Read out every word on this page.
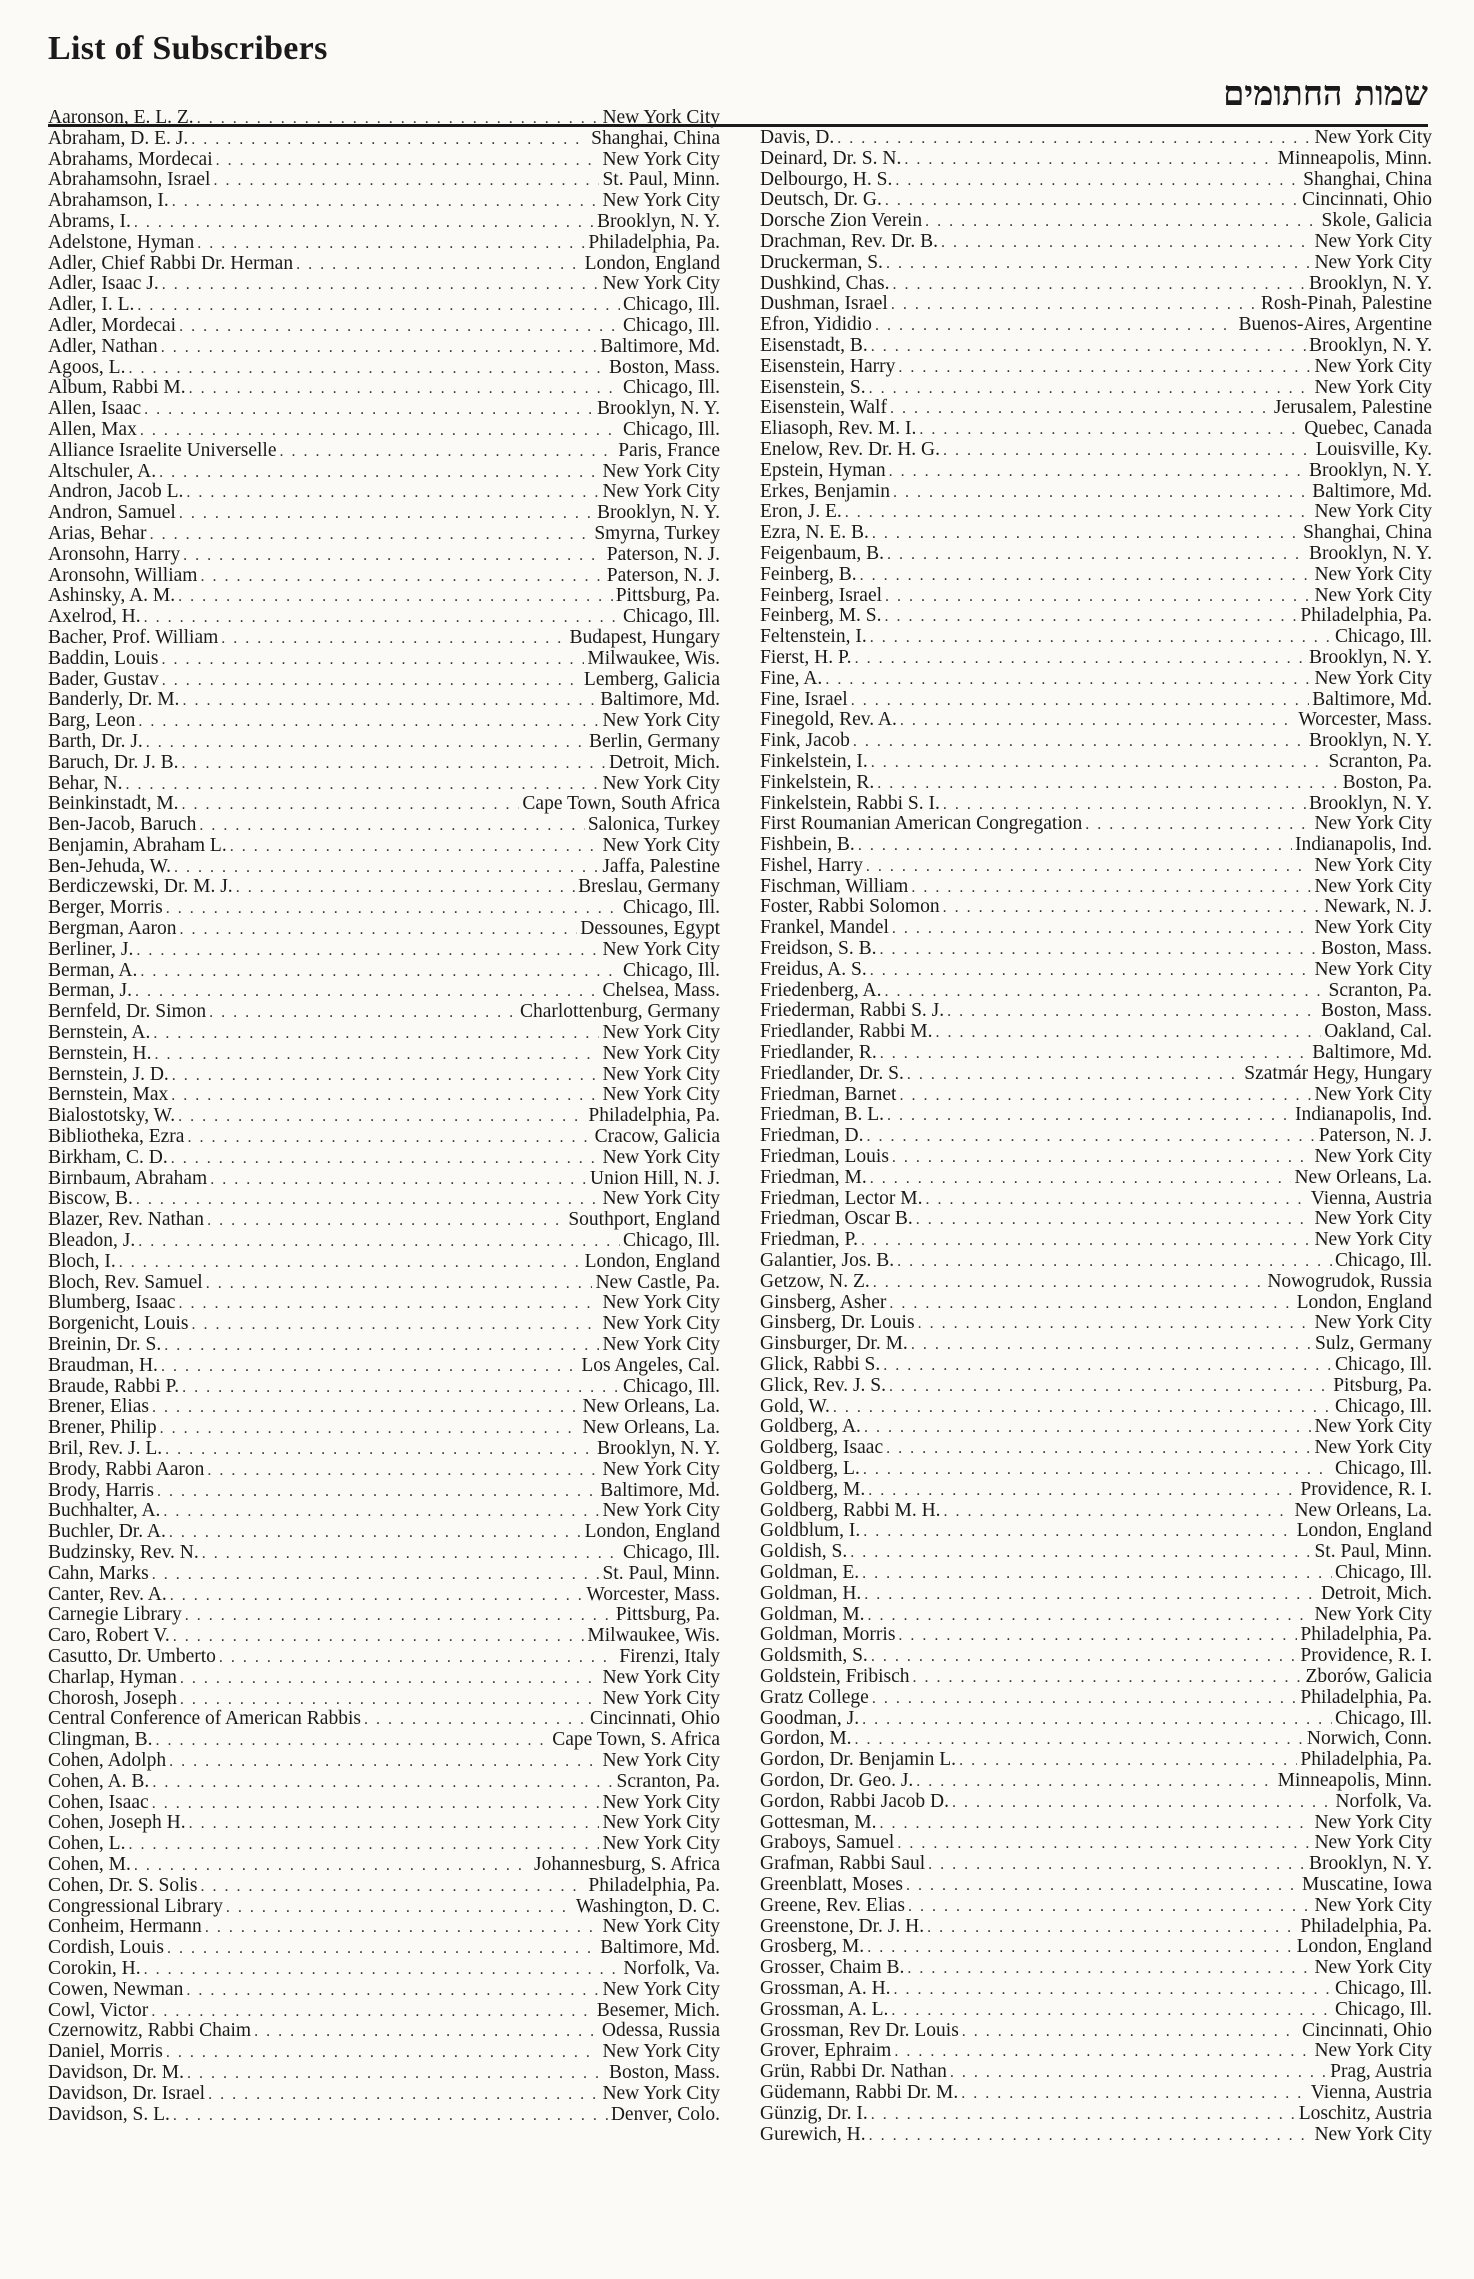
List of Subscribers
שמות החתומים
Aaronson, E. L. Z. . . .	New York City
Abraham, D. E. J. . . .	Shanghai, China
Abrahams, Mordecai . . .	New York City
Abrahamsohn, Israel . . .	St. Paul, Minn.
Abrahamson, I. . . .	New York City
Abrams, I. . . .	Brooklyn, N. Y.
Adelstone, Hyman . . .	Philadelphia, Pa.
Adler, Chief Rabbi Dr. Herman . . .	London, England
Adler, Isaac J. . . .	New York City
Adler, I. L. . . .	Chicago, Ill.
Adler, Mordecai . . .	Chicago, Ill.
Adler, Nathan . . .	Baltimore, Md.
Agoos, L. . . .	Boston, Mass.
Album, Rabbi M. . . .	Chicago, Ill.
Allen, Isaac . . .	Brooklyn, N. Y.
Allen, Max . . .	Chicago, Ill.
Alliance Israelite Universelle . . .	Paris, France
Altschuler, A. . . .	New York City
Andron, Jacob L. . . .	New York City
Andron, Samuel . . .	Brooklyn, N. Y.
Arias, Behar . . .	Smyrna, Turkey
Aronsohn, Harry . . .	Paterson, N. J.
Aronsohn, William . . .	Paterson, N. J.
Ashinsky, A. M. . . .	Pittsburg, Pa.
Axelrod, H. . . .	Chicago, Ill.
Bacher, Prof. William . . .	Budapest, Hungary
Baddin, Louis . . .	Milwaukee, Wis.
Bader, Gustav . . .	Lemberg, Galicia
Banderly, Dr. M. . . .	Baltimore, Md.
Barg, Leon . . .	New York City
Barth, Dr. J. . . .	Berlin, Germany
Baruch, Dr. J. B. . . .	Detroit, Mich.
Behar, N. . . .	New York City
Beinkinstadt, M. . . .	Cape Town, South Africa
Ben-Jacob, Baruch . . .	Salonica, Turkey
Benjamin, Abraham L. . . .	New York City
Ben-Jehuda, W. . . .	Jaffa, Palestine
Berdiczewski, Dr. M. J. . . .	Breslau, Germany
Berger, Morris . . .	Chicago, Ill.
Bergman, Aaron . . .	Dessounes, Egypt
Berliner, J. . . .	New York City
Berman, A. . . .	Chicago, Ill.
Berman, J. . . .	Chelsea, Mass.
Bernfeld, Dr. Simon . . .	Charlottenburg, Germany
Bernstein, A. . . .	New York City
Bernstein, H. . . .	New York City
Bernstein, J. D. . . .	New York City
Bernstein, Max . . .	New York City
Bialostotsky, W. . . .	Philadelphia, Pa.
Bibliotheka, Ezra . . .	Cracow, Galicia
Birkham, C. D. . . .	New York City
Birnbaum, Abraham . . .	Union Hill, N. J.
Biscow, B. . . .	New York City
Blazer, Rev. Nathan . . .	Southport, England
Bleadon, J. . . .	Chicago, Ill.
Bloch, I. . . .	London, England
Bloch, Rev. Samuel . . .	New Castle, Pa.
Blumberg, Isaac . . .	New York City
Borgenicht, Louis . . .	New York City
Breinin, Dr. S. . . .	New York City
Braudman, H. . . .	Los Angeles, Cal.
Braude, Rabbi P. . . .	Chicago, Ill.
Brener, Elias . . .	New Orleans, La.
Brener, Philip . . .	New Orleans, La.
Bril, Rev. J. L. . . .	Brooklyn, N. Y.
Brody, Rabbi Aaron . . .	New York City
Brody, Harris . . .	Baltimore, Md.
Buchhalter, A. . . .	New York City
Buchler, Dr. A. . . .	London, England
Budzinsky, Rev. N. . . .	Chicago, Ill.
Cahn, Marks . . .	St. Paul, Minn.
Canter, Rev. A. . . .	Worcester, Mass.
Carnegie Library . . .	Pittsburg, Pa.
Caro, Robert V. . . .	Milwaukee, Wis.
Casutto, Dr. Umberto . . .	Firenzi, Italy
Charlap, Hyman . . .	New York City
Chorosh, Joseph . . .	New York City
Central Conference of American Rabbis . . .	Cincinnati, Ohio
Clingman, B. . . .	Cape Town, S. Africa
Cohen, Adolph . . .	New York City
Cohen, A. B. . . .	Scranton, Pa.
Cohen, Isaac . . .	New York City
Cohen, Joseph H. . . .	New York City
Cohen, L. . . .	New York City
Cohen, M. . . .	Johannesburg, S. Africa
Cohen, Dr. S. Solis . . .	Philadelphia, Pa.
Congressional Library . . .	Washington, D. C.
Conheim, Hermann . . .	New York City
Cordish, Louis . . .	Baltimore, Md.
Corokin, H. . . .	Norfolk, Va.
Cowen, Newman . . .	New York City
Cowl, Victor . . .	Besemer, Mich.
Czernowitz, Rabbi Chaim . . .	Odessa, Russia
Daniel, Morris . . .	New York City
Davidson, Dr. M. . . .	Boston, Mass.
Davidson, Dr. Israel . . .	New York City
Davidson, S. L. . . .	Denver, Colo.
Davis, D. . . .	New York City
Deinard, Dr. S. N. . . .	Minneapolis, Minn.
Delbourgo, H. S. . . .	Shanghai, China
Deutsch, Dr. G. . . .	Cincinnati, Ohio
Dorsche Zion Verein . . .	Skole, Galicia
Drachman, Rev. Dr. B. . . .	New York City
Druckerman, S. . . .	New York City
Dushkind, Chas. . . .	Brooklyn, N. Y.
Dushman, Israel . . .	Rosh-Pinah, Palestine
Efron, Yididio . . .	Buenos-Aires, Argentine
Eisenstadt, B. . . .	Brooklyn, N. Y.
Eisenstein, Harry . . .	New York City
Eisenstein, S. . . .	New York City
Eisenstein, Walf . . .	Jerusalem, Palestine
Eliasoph, Rev. M. I. . . .	Quebec, Canada
Enelow, Rev. Dr. H. G. . . .	Louisville, Ky.
Epstein, Hyman . . .	Brooklyn, N. Y.
Erkes, Benjamin . . .	Baltimore, Md.
Eron, J. E. . . .	New York City
Ezra, N. E. B. . . .	Shanghai, China
Feigenbaum, B. . . .	Brooklyn, N. Y.
Feinberg, B. . . .	New York City
Feinberg, Israel . . .	New York City
Feinberg, M. S. . . .	Philadelphia, Pa.
Feltenstein, I. . . .	Chicago, Ill.
Fierst, H. P. . . .	Brooklyn, N. Y.
Fine, A. . . .	New York City
Fine, Israel . . .	Baltimore, Md.
Finegold, Rev. A. . . .	Worcester, Mass.
Fink, Jacob . . .	Brooklyn, N. Y.
Finkelstein, I. . . .	Scranton, Pa.
Finkelstein, R. . . .	Boston, Pa.
Finkelstein, Rabbi S. I. . . .	Brooklyn, N. Y.
First Roumanian American Congregation . . .	New York City
Fishbein, B. . . .	Indianapolis, Ind.
Fishel, Harry . . .	New York City
Fischman, William . . .	New York City
Foster, Rabbi Solomon . . .	Newark, N. J.
Frankel, Mandel . . .	New York City
Freidson, S. B. . . .	Boston, Mass.
Freidus, A. S. . . .	New York City
Friedenberg, A. . . .	Scranton, Pa.
Friederman, Rabbi S. J. . . .	Boston, Mass.
Friedlander, Rabbi M. . . .	Oakland, Cal.
Friedlander, R. . . .	Baltimore, Md.
Friedlander, Dr. S. . . .	Szatmár Hegy, Hungary
Friedman, Barnet . . .	New York City
Friedman, B. L. . . .	Indianapolis, Ind.
Friedman, D. . . .	Paterson, N. J.
Friedman, Louis . . .	New York City
Friedman, M. . . .	New Orleans, La.
Friedman, Lector M. . . .	Vienna, Austria
Friedman, Oscar B. . . .	New York City
Friedman, P. . . .	New York City
Galantier, Jos. B. . . .	Chicago, Ill.
Getzow, N. Z. . . .	Nowogrudok, Russia
Ginsberg, Asher . . .	London, England
Ginsberg, Dr. Louis . . .	New York City
Ginsburger, Dr. M. . . .	Sulz, Germany
Glick, Rabbi S. . . .	Chicago, Ill.
Glick, Rev. J. S. . . .	Pitsburg, Pa.
Gold, W. . . .	Chicago, Ill.
Goldberg, A. . . .	New York City
Goldberg, Isaac . . .	New York City
Goldberg, L. . . .	Chicago, Ill.
Goldberg, M. . . .	Providence, R. I.
Goldberg, Rabbi M. H. . . .	New Orleans, La.
Goldblum, I. . . .	London, England
Goldish, S. . . .	St. Paul, Minn.
Goldman, E. . . .	Chicago, Ill.
Goldman, H. . . .	Detroit, Mich.
Goldman, M. . . .	New York City
Goldman, Morris . . .	Philadelphia, Pa.
Goldsmith, S. . . .	Providence, R. I.
Goldstein, Fribisch . . .	Zborów, Galicia
Gratz College . . .	Philadelphia, Pa.
Goodman, J. . . .	Chicago, Ill.
Gordon, M. . . .	Norwich, Conn.
Gordon, Dr. Benjamin L. . . .	Philadelphia, Pa.
Gordon, Dr. Geo. J. . . .	Minneapolis, Minn.
Gordon, Rabbi Jacob D. . . .	Norfolk, Va.
Gottesman, M. . . .	New York City
Graboys, Samuel . . .	New York City
Grafman, Rabbi Saul . . .	Brooklyn, N. Y.
Greenblatt, Moses . . .	Muscatine, Iowa
Greene, Rev. Elias . . .	New York City
Greenstone, Dr. J. H. . . .	Philadelphia, Pa.
Grosberg, M. . . .	London, England
Grosser, Chaim B. . . .	New York City
Grossman, A. H. . . .	Chicago, Ill.
Grossman, A. L. . . .	Chicago, Ill.
Grossman, Rev Dr. Louis . . .	Cincinnati, Ohio
Grover, Ephraim . . .	New York City
Grün, Rabbi Dr. Nathan . . .	Prag, Austria
Güdemann, Rabbi Dr. M. . . .	Vienna, Austria
Günzig, Dr. I. . . .	Loschitz, Austria
Gurewich, H. . . .	New York City
